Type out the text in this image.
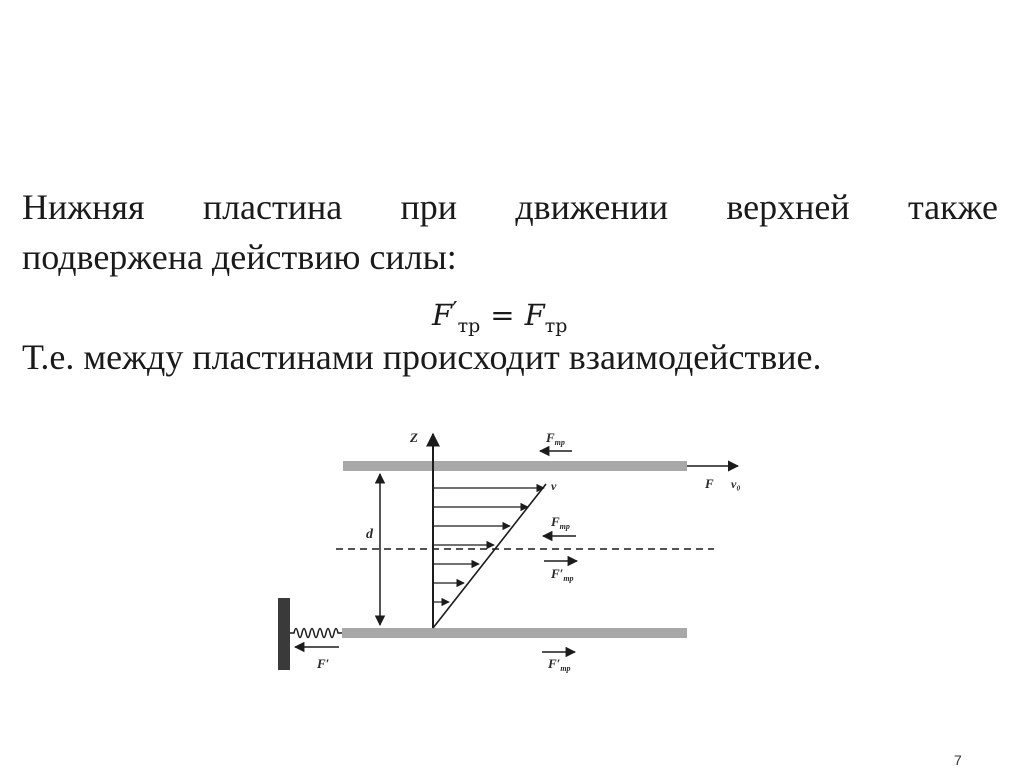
Нижняя пластина при движении верхней также
подвержена действию силы:
$F'_{тр} = F_{тр}$
Т.е. между пластинами происходит взаимодействие.
Z
d
v	F v₀
$F_{тр}$
$F_{тр}$
$F'_{тр}$
$F'_{тр}$
F′
7
